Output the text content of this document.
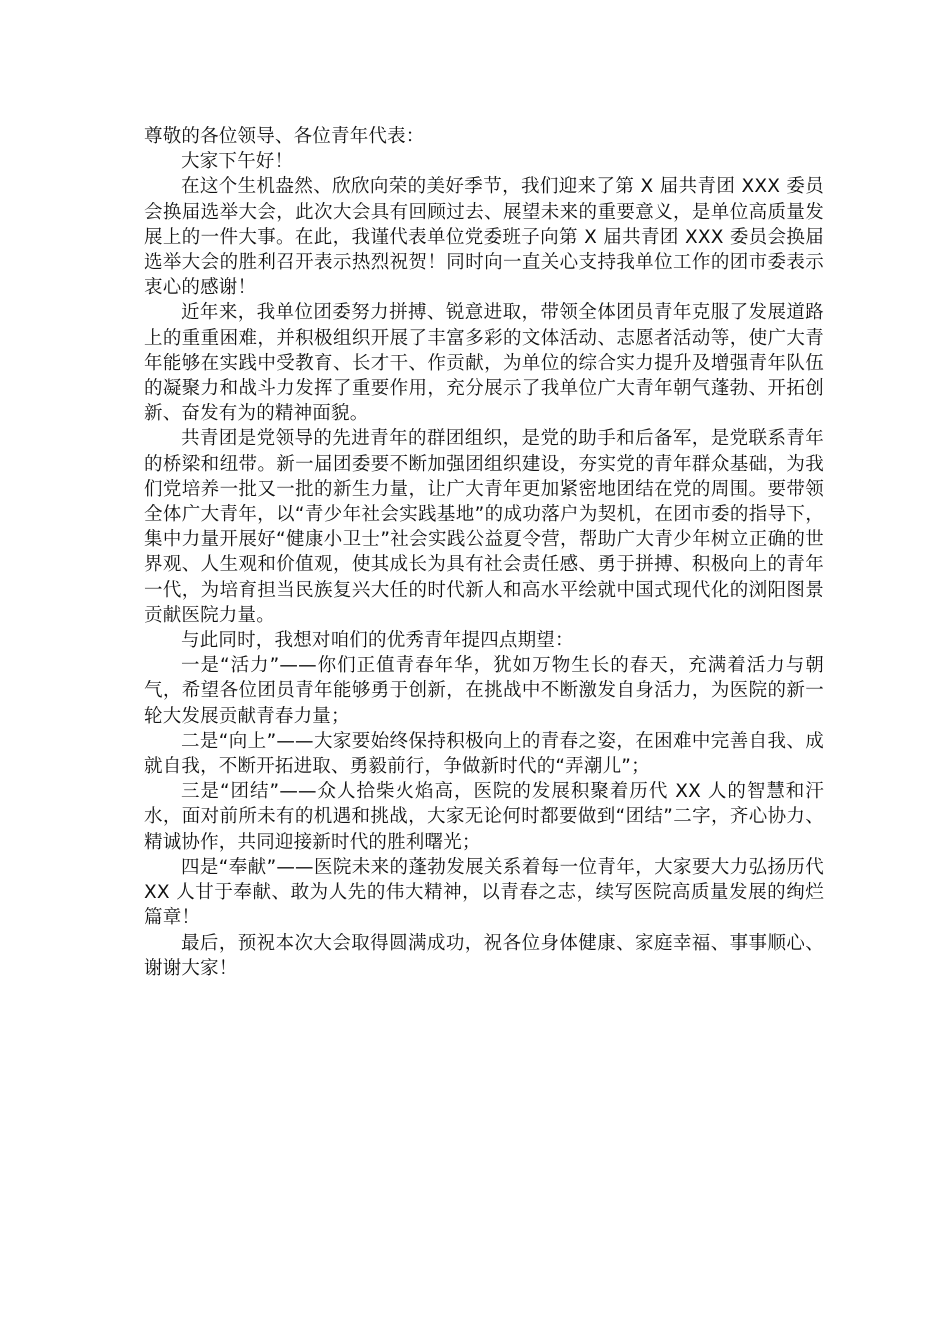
尊敬的各位领导、各位青年代表：

大家下午好！

在这个生机盎然、欣欣向荣的美好季节，我们迎来了第 X 届共青团 XXX 委员会换届选举大会，此次大会具有回顾过去、展望未来的重要意义，是单位高质量发展上的一件大事。在此，我谨代表单位党委班子向第 X 届共青团 XXX 委员会换届选举大会的胜利召开表示热烈祝贺！同时向一直关心支持我单位工作的团市委表示衷心的感谢！

近年来，我单位团委努力拼搏、锐意进取，带领全体团员青年克服了发展道路上的重重困难，并积极组织开展了丰富多彩的文体活动、志愿者活动等，使广大青年能够在实践中受教育、长才干、作贡献，为单位的综合实力提升及增强青年队伍的凝聚力和战斗力发挥了重要作用，充分展示了我单位广大青年朝气蓬勃、开拓创新、奋发有为的精神面貌。

共青团是党领导的先进青年的群团组织，是党的助手和后备军，是党联系青年的桥梁和纽带。新一届团委要不断加强团组织建设，夯实党的青年群众基础，为我们党培养一批又一批的新生力量，让广大青年更加紧密地团结在党的周围。要带领全体广大青年，以“青少年社会实践基地”的成功落户为契机，在团市委的指导下，集中力量开展好“健康小卫士”社会实践公益夏令营，帮助广大青少年树立正确的世界观、人生观和价值观，使其成长为具有社会责任感、勇于拼搏、积极向上的青年一代，为培育担当民族复兴大任的时代新人和高水平绘就中国式现代化的浏阳图景贡献医院力量。

与此同时，我想对咱们的优秀青年提四点期望：

一是“活力”——你们正值青春年华，犹如万物生长的春天，充满着活力与朝气，希望各位团员青年能够勇于创新，在挑战中不断激发自身活力，为医院的新一轮大发展贡献青春力量；

二是“向上”——大家要始终保持积极向上的青春之姿，在困难中完善自我、成就自我，不断开拓进取、勇毅前行，争做新时代的“弄潮儿”；

三是“团结”——众人拾柴火焰高，医院的发展积聚着历代 XX 人的智慧和汗水，面对前所未有的机遇和挑战，大家无论何时都要做到“团结”二字，齐心协力、精诚协作，共同迎接新时代的胜利曙光；

四是“奉献”——医院未来的蓬勃发展关系着每一位青年，大家要大力弘扬历代 XX 人甘于奉献、敢为人先的伟大精神，以青春之志，续写医院高质量发展的绚烂篇章！

最后，预祝本次大会取得圆满成功，祝各位身体健康、家庭幸福、事事顺心、谢谢大家！
